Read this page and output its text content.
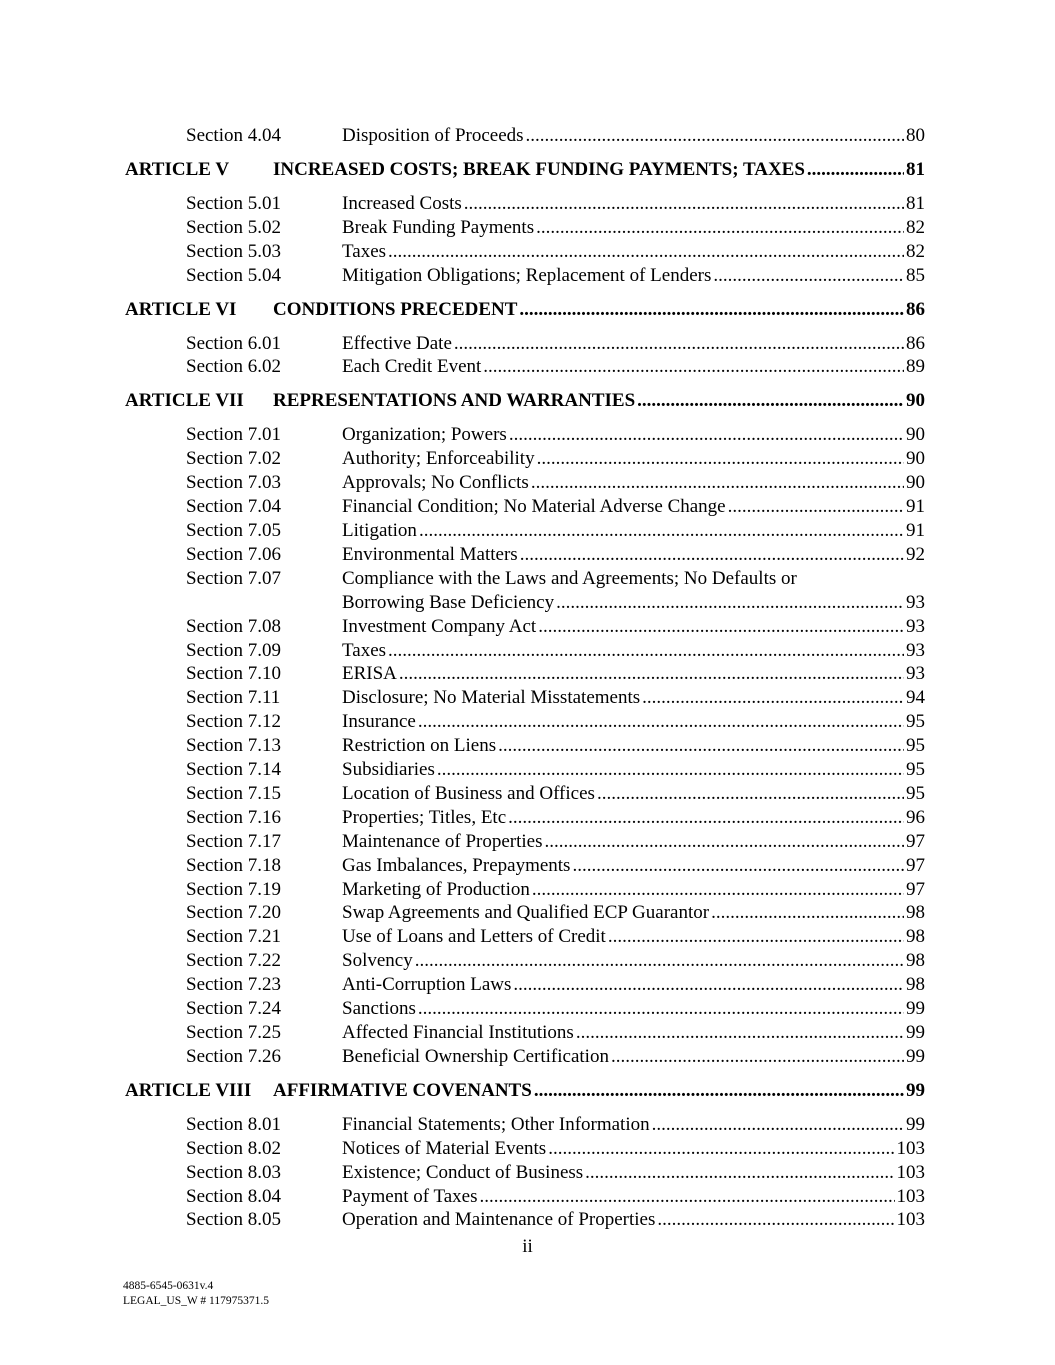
Section 4.04	Disposition of Proceeds .....	80
ARTICLE V	INCREASED COSTS; BREAK FUNDING PAYMENTS; TAXES .....	81
Section 5.01	Increased Costs .....	81
Section 5.02	Break Funding Payments .....	82
Section 5.03	Taxes .....	82
Section 5.04	Mitigation Obligations; Replacement of Lenders .....	85
ARTICLE VI	CONDITIONS PRECEDENT .....	86
Section 6.01	Effective Date .....	86
Section 6.02	Each Credit Event .....	89
ARTICLE VII	REPRESENTATIONS AND WARRANTIES .....	90
Section 7.01	Organization; Powers .....	90
Section 7.02	Authority; Enforceability .....	90
Section 7.03	Approvals; No Conflicts .....	90
Section 7.04	Financial Condition; No Material Adverse Change .....	91
Section 7.05	Litigation .....	91
Section 7.06	Environmental Matters .....	92
Section 7.07	Compliance with the Laws and Agreements; No Defaults or
Borrowing Base Deficiency .....	93
Section 7.08	Investment Company Act .....	93
Section 7.09	Taxes .....	93
Section 7.10	ERISA .....	93
Section 7.11	Disclosure; No Material Misstatements .....	94
Section 7.12	Insurance .....	95
Section 7.13	Restriction on Liens .....	95
Section 7.14	Subsidiaries .....	95
Section 7.15	Location of Business and Offices .....	95
Section 7.16	Properties; Titles, Etc .....	96
Section 7.17	Maintenance of Properties .....	97
Section 7.18	Gas Imbalances, Prepayments .....	97
Section 7.19	Marketing of Production .....	97
Section 7.20	Swap Agreements and Qualified ECP Guarantor .....	98
Section 7.21	Use of Loans and Letters of Credit .....	98
Section 7.22	Solvency .....	98
Section 7.23	Anti-Corruption Laws .....	98
Section 7.24	Sanctions .....	99
Section 7.25	Affected Financial Institutions .....	99
Section 7.26	Beneficial Ownership Certification .....	99
ARTICLE VIII	AFFIRMATIVE COVENANTS .....	99
Section 8.01	Financial Statements; Other Information .....	99
Section 8.02	Notices of Material Events .....	103
Section 8.03	Existence; Conduct of Business .....	103
Section 8.04	Payment of Taxes .....	103
Section 8.05	Operation and Maintenance of Properties .....	103
ii
4885-6545-0631v.4
LEGAL_US_W # 117975371.5
